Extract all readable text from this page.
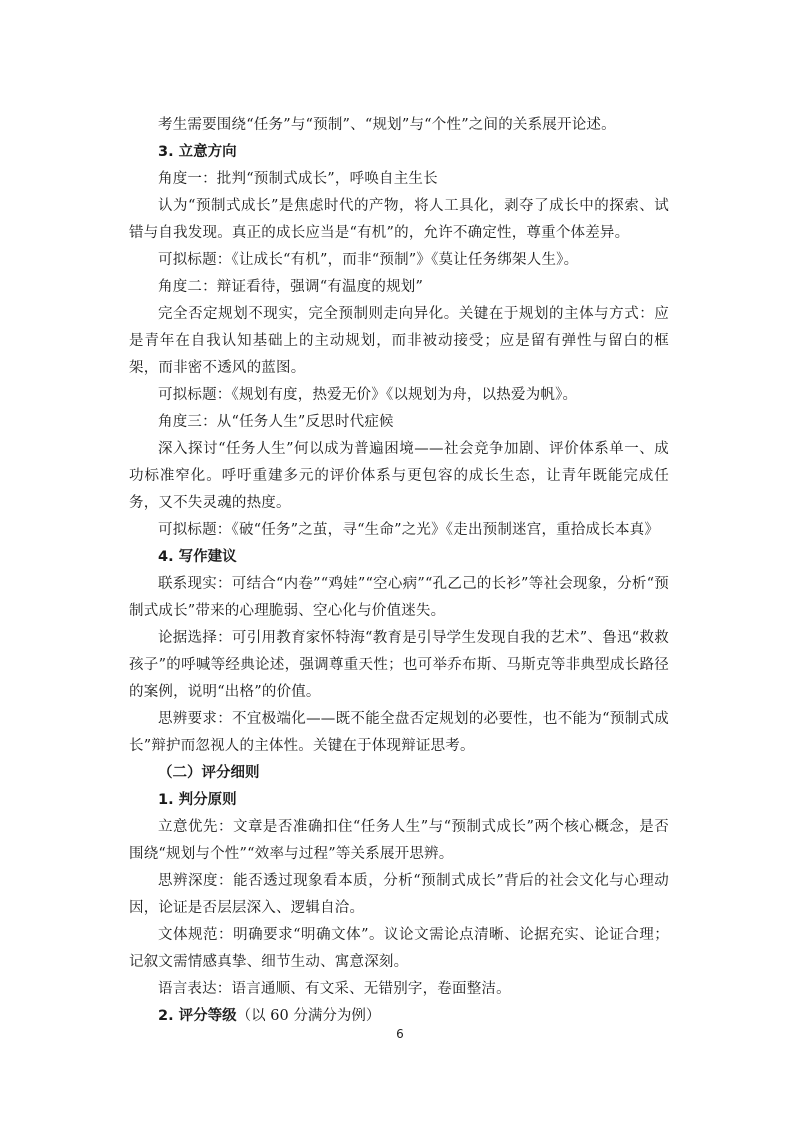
考生需要围绕“任务”与“预制”、“规划”与“个性”之间的关系展开论述。

3. 立意方向

角度一：批判“预制式成长”，呼唤自主生长

认为“预制式成长”是焦虑时代的产物，将人工具化，剥夺了成长中的探索、试错与自我发现。真正的成长应当是“有机”的，允许不确定性，尊重个体差异。

可拟标题：《让成长“有机”，而非“预制”》《莫让任务绑架人生》。

角度二：辩证看待，强调“有温度的规划”

完全否定规划不现实，完全预制则走向异化。关键在于规划的主体与方式：应是青年在自我认知基础上的主动规划，而非被动接受；应是留有弹性与留白的框架，而非密不透风的蓝图。

可拟标题：《规划有度，热爱无价》《以规划为舟，以热爱为帆》。

角度三：从“任务人生”反思时代症候

深入探讨“任务人生”何以成为普遍困境——社会竞争加剧、评价体系单一、成功标准窄化。呼吁重建多元的评价体系与更包容的成长生态，让青年既能完成任务，又不失灵魂的热度。

可拟标题：《破“任务”之茧，寻“生命”之光》《走出预制迷宫，重拾成长本真》

4. 写作建议

联系现实：可结合“内卷”“鸡娃”“空心病”“孔乙己的长衫”等社会现象，分析“预制式成长”带来的心理脆弱、空心化与价值迷失。

论据选择：可引用教育家怀特海“教育是引导学生发现自我的艺术”、鲁迅“救救孩子”的呼喊等经典论述，强调尊重天性；也可举乔布斯、马斯克等非典型成长路径的案例，说明“出格”的价值。

思辨要求：不宜极端化——既不能全盘否定规划的必要性，也不能为“预制式成长”辩护而忽视人的主体性。关键在于体现辩证思考。

（二）评分细则

1. 判分原则

立意优先：文章是否准确扣住“任务人生”与“预制式成长”两个核心概念，是否围绕“规划与个性”“效率与过程”等关系展开思辨。

思辨深度：能否透过现象看本质，分析“预制式成长”背后的社会文化与心理动因，论证是否层层深入、逻辑自洽。

文体规范：明确要求“明确文体”。议论文需论点清晰、论据充实、论证合理；记叙文需情感真挚、细节生动、寓意深刻。

语言表达：语言通顺、有文采、无错别字，卷面整洁。

2. 评分等级（以 60 分满分为例）

6
